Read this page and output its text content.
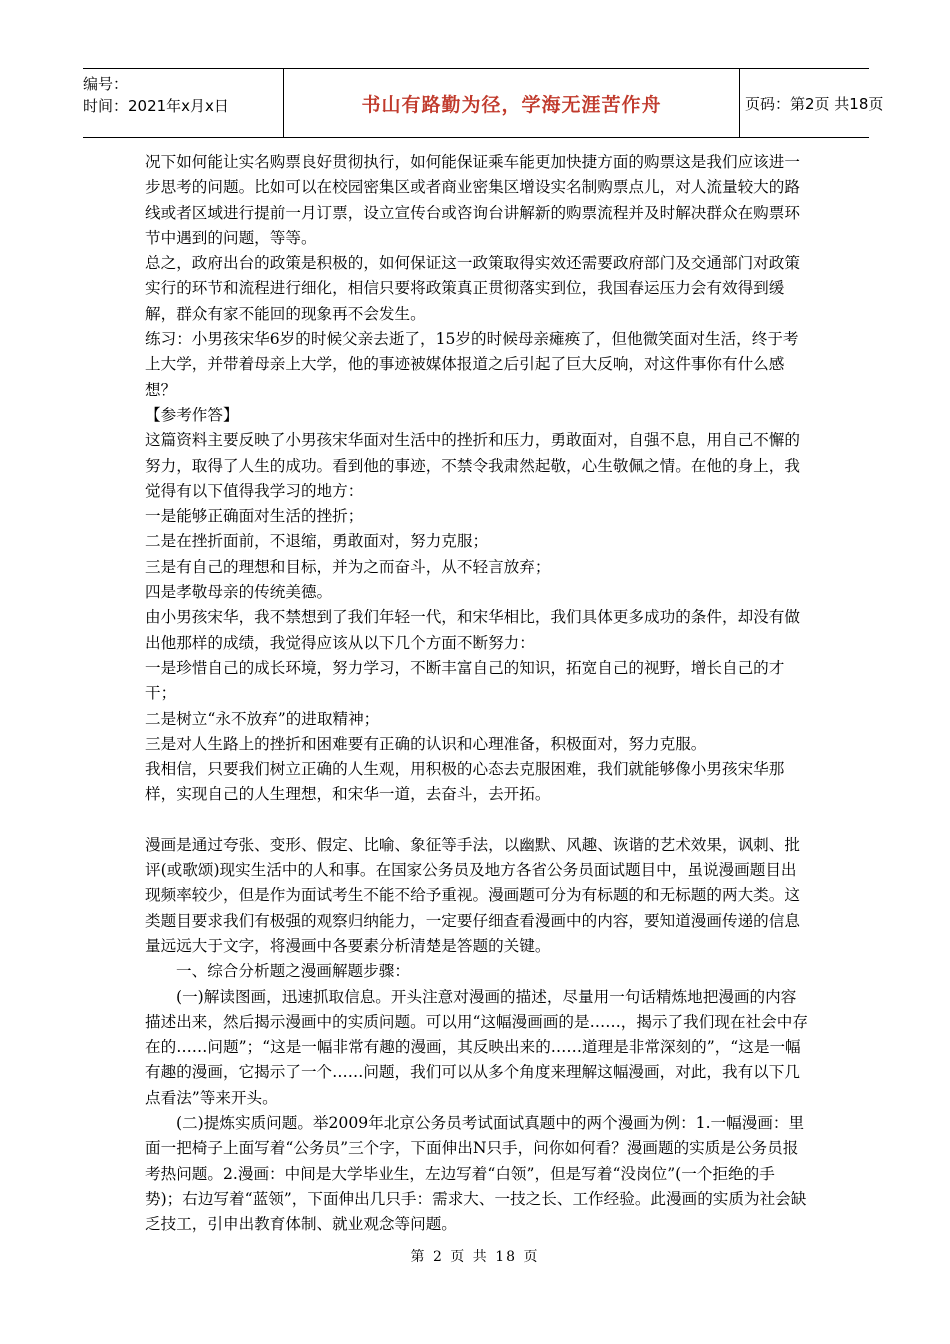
编号：
时间：2021年x月x日	书山有路勤为径，学海无涯苦作舟	页码：第2页 共18页

况下如何能让实名购票良好贯彻执行，如何能保证乘车能更加快捷方面的购票这是我们应该进一步思考的问题。比如可以在校园密集区或者商业密集区增设实名制购票点儿，对人流量较大的路线或者区域进行提前一月订票，设立宣传台或咨询台讲解新的购票流程并及时解决群众在购票环节中遇到的问题，等等。

总之，政府出台的政策是积极的，如何保证这一政策取得实效还需要政府部门及交通部门对政策实行的环节和流程进行细化，相信只要将政策真正贯彻落实到位，我国春运压力会有效得到缓解，群众有家不能回的现象再不会发生。

练习：小男孩宋华6岁的时候父亲去逝了，15岁的时候母亲瘫痪了，但他微笑面对生活，终于考上大学，并带着母亲上大学，他的事迹被媒体报道之后引起了巨大反响，对这件事你有什么感想？

【参考作答】

这篇资料主要反映了小男孩宋华面对生活中的挫折和压力，勇敢面对，自强不息，用自己不懈的努力，取得了人生的成功。看到他的事迹，不禁令我肃然起敬，心生敬佩之情。在他的身上，我觉得有以下值得我学习的地方：

一是能够正确面对生活的挫折；

二是在挫折面前，不退缩，勇敢面对，努力克服；

三是有自己的理想和目标，并为之而奋斗，从不轻言放弃；

四是孝敬母亲的传统美德。

由小男孩宋华，我不禁想到了我们年轻一代，和宋华相比，我们具体更多成功的条件，却没有做出他那样的成绩，我觉得应该从以下几个方面不断努力：

一是珍惜自己的成长环境，努力学习，不断丰富自己的知识，拓宽自己的视野，增长自己的才干；

二是树立“永不放弃”的进取精神；

三是对人生路上的挫折和困难要有正确的认识和心理准备，积极面对，努力克服。

我相信，只要我们树立正确的人生观，用积极的心态去克服困难，我们就能够像小男孩宋华那样，实现自己的人生理想，和宋华一道，去奋斗，去开拓。

漫画是通过夸张、变形、假定、比喻、象征等手法，以幽默、风趣、诙谐的艺术效果，讽刺、批评(或歌颂)现实生活中的人和事。在国家公务员及地方各省公务员面试题目中，虽说漫画题目出现频率较少，但是作为面试考生不能不给予重视。漫画题可分为有标题的和无标题的两大类。这类题目要求我们有极强的观察归纳能力，一定要仔细查看漫画中的内容，要知道漫画传递的信息量远远大于文字，将漫画中各要素分析清楚是答题的关键。

一、综合分析题之漫画解题步骤：

(一)解读图画，迅速抓取信息。开头注意对漫画的描述，尽量用一句话精炼地把漫画的内容描述出来，然后揭示漫画中的实质问题。可以用“这幅漫画画的是……，揭示了我们现在社会中存在的……问题”；“这是一幅非常有趣的漫画，其反映出来的……道理是非常深刻的”，“这是一幅有趣的漫画，它揭示了一个……问题，我们可以从多个角度来理解这幅漫画，对此，我有以下几点看法”等来开头。

(二)提炼实质问题。举2009年北京公务员考试面试真题中的两个漫画为例：1.一幅漫画：里面一把椅子上面写着“公务员”三个字，下面伸出N只手，问你如何看？漫画题的实质是公务员报考热问题。2.漫画：中间是大学毕业生，左边写着“白领”，但是写着“没岗位”(一个拒绝的手势)；右边写着“蓝领”，下面伸出几只手：需求大、一技之长、工作经验。此漫画的实质为社会缺乏技工，引申出教育体制、就业观念等问题。

第 2 页 共 18 页
